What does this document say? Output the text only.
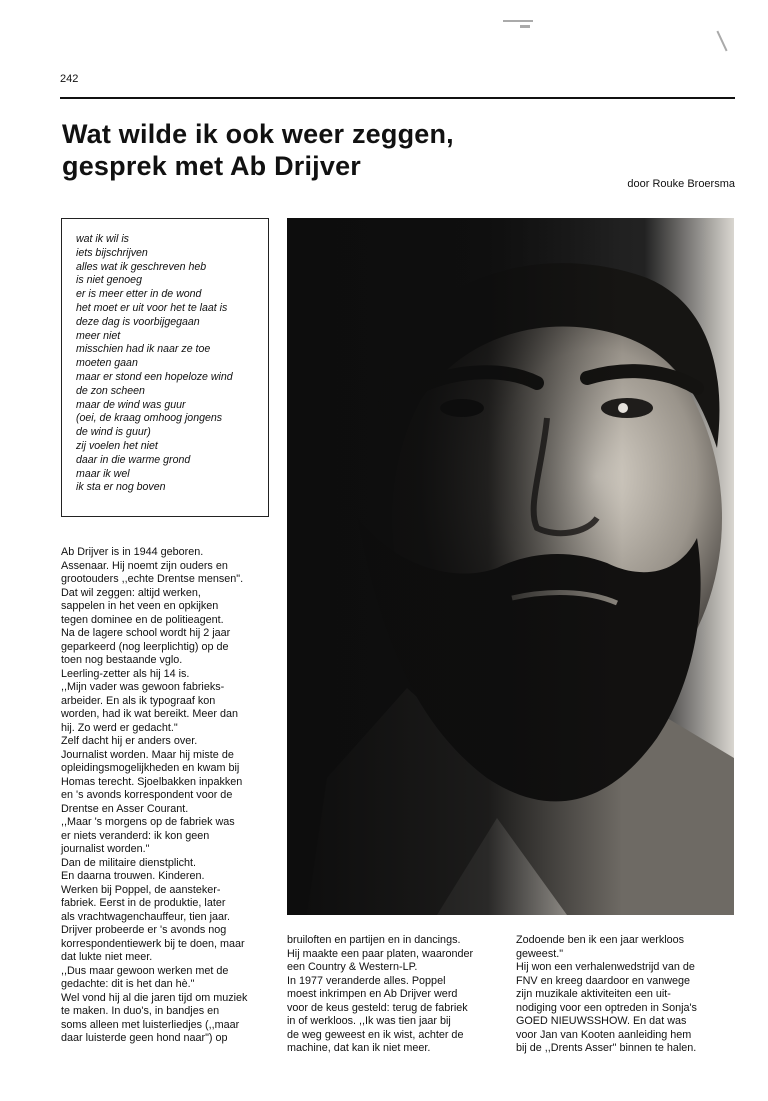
242
Wat wilde ik ook weer zeggen,
gesprek met Ab Drijver
door Rouke Broersma
wat ik wil is
iets bijschrijven
alles wat ik geschreven heb
is niet genoeg
er is meer etter in de wond
het moet er uit voor het te laat is
deze dag is voorbijgegaan
meer niet
misschien had ik naar ze toe
moeten gaan
maar er stond een hopeloze wind
de zon scheen
maar de wind was guur
(oei, de kraag omhoog jongens
de wind is guur)
zij voelen het niet
daar in die warme grond
maar ik wel
ik sta er nog boven

Ab Drijver is in 1944 geboren.

Assenaar. Hij noemt zijn ouders en

grootouders ,,echte Drentse mensen".

Dat wil zeggen: altijd werken,

sappelen in het veen en opkijken

tegen dominee en de politieagent.

Na de lagere school wordt hij 2 jaar

geparkeerd (nog leerplichtig) op de

toen nog bestaande vglo.

Leerling-zetter als hij 14 is.

,,Mijn vader was gewoon fabrieks-

arbeider. En als ik typograaf kon

worden, had ik wat bereikt. Meer dan

hij. Zo werd er gedacht."

Zelf dacht hij er anders over.

Journalist worden. Maar hij miste de

opleidingsmogelijkheden en kwam bij

Homas terecht. Sjoelbakken inpakken

en 's avonds korrespondent voor de

Drentse en Asser Courant.

,,Maar 's morgens op de fabriek was

er niets veranderd: ik kon geen

journalist worden."

Dan de militaire dienstplicht.

En daarna trouwen. Kinderen.

Werken bij Poppel, de aansteker-

fabriek. Eerst in de produktie, later

als vrachtwagenchauffeur, tien jaar.

Drijver probeerde er 's avonds nog

korrespondentiewerk bij te doen, maar

dat lukte niet meer.

,,Dus maar gewoon werken met de

gedachte: dit is het dan hè."

Wel vond hij al die jaren tijd om muziek

te maken. In duo's, in bandjes en

soms alleen met luisterliedjes (,,maar

daar luisterde geen hond naar") op

bruiloften en partijen en in dancings.

Hij maakte een paar platen, waaronder

een Country & Western-LP.

In 1977 veranderde alles. Poppel

moest inkrimpen en Ab Drijver werd

voor de keus gesteld: terug de fabriek

in of werkloos. ,,Ik was tien jaar bij

de weg geweest en ik wist, achter de

machine, dat kan ik niet meer.

Zodoende ben ik een jaar werkloos

geweest."

Hij won een verhalenwedstrijd van de

FNV en kreeg daardoor en vanwege

zijn muzikale aktiviteiten een uit-

nodiging voor een optreden in Sonja's

GOED NIEUWSSHOW. En dat was

voor Jan van Kooten aanleiding hem

bij de ,,Drents Asser" binnen te halen.
